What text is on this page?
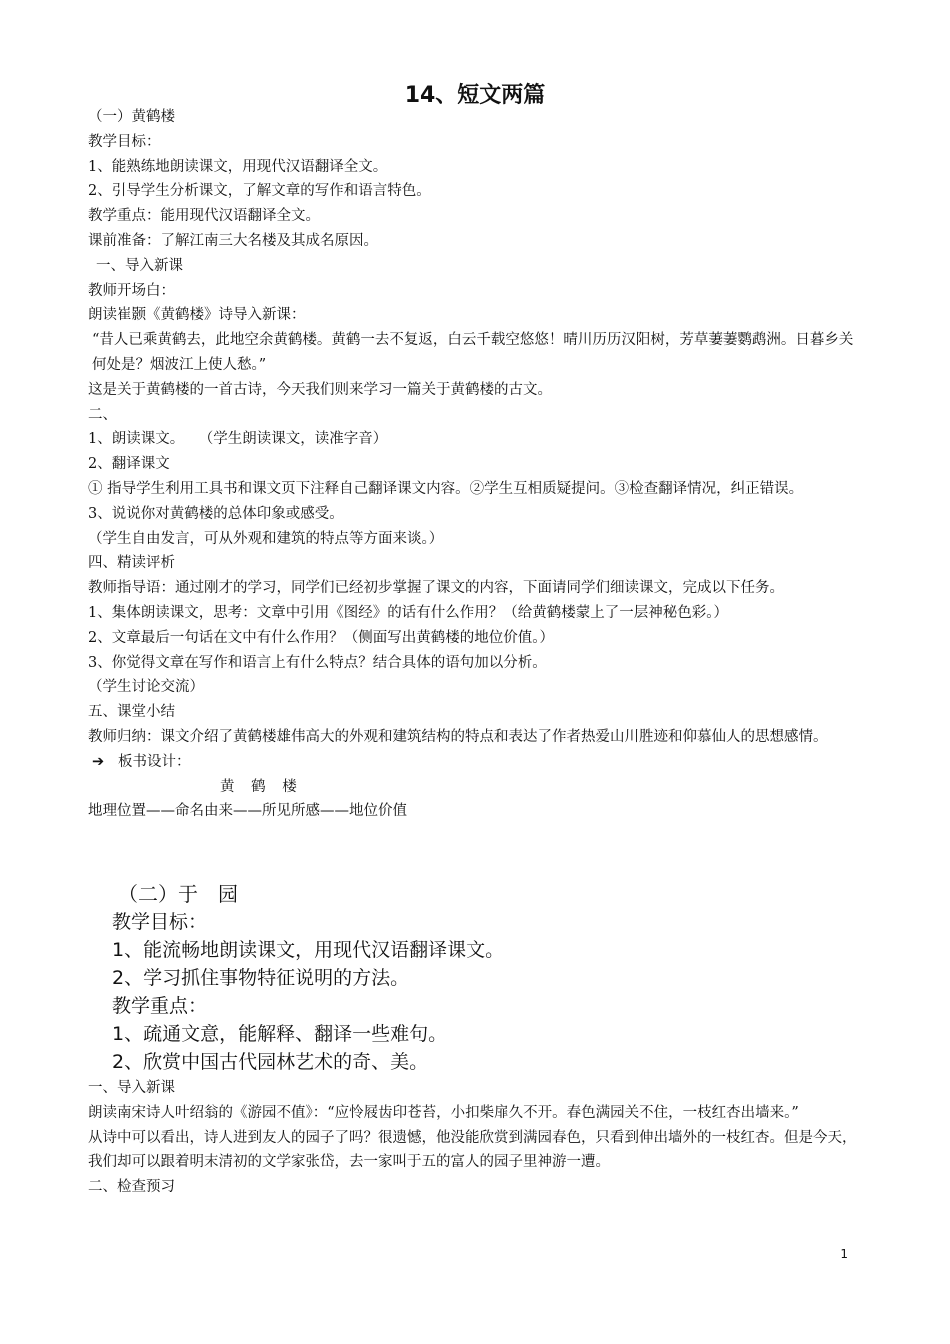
14、短文两篇
（一）黄鹤楼
教学目标：
1、能熟练地朗读课文，用现代汉语翻译全文。
2、引导学生分析课文，了解文章的写作和语言特色。
教学重点：能用现代汉语翻译全文。
课前准备：了解江南三大名楼及其成名原因。
一、导入新课
教师开场白：
朗读崔颢《黄鹤楼》诗导入新课：
“昔人已乘黄鹤去，此地空余黄鹤楼。黄鹤一去不复返，白云千载空悠悠！晴川历历汉阳树，芳草萋萋鹦鹉洲。日暮乡关何处是？烟波江上使人愁。”
这是关于黄鹤楼的一首古诗，今天我们则来学习一篇关于黄鹤楼的古文。
二、
1、朗读课文。　　（学生朗读课文，读准字音）
2、翻译课文
① 指导学生利用工具书和课文页下注释自己翻译课文内容。②学生互相质疑提问。③检查翻译情况，纠正错误。
3、说说你对黄鹤楼的总体印象或感受。
（学生自由发言，可从外观和建筑的特点等方面来谈。）
四、精读评析
教师指导语：通过刚才的学习，同学们已经初步掌握了课文的内容，下面请同学们细读课文，完成以下任务。
1、集体朗读课文，思考：文章中引用《图经》的话有什么作用？（给黄鹤楼蒙上了一层神秘色彩。）
2、文章最后一句话在文中有什么作用？（侧面写出黄鹤楼的地位价值。）
3、你觉得文章在写作和语言上有什么特点？结合具体的语句加以分析。
（学生讨论交流）
五、课堂小结
教师归纳：课文介绍了黄鹤楼雄伟高大的外观和建筑结构的特点和表达了作者热爱山川胜迹和仰慕仙人的思想感情。
➔ 板书设计：
黄 鹤 楼
地理位置——命名由来——所见所感——地位价值
（二）于　园
教学目标：
1、能流畅地朗读课文，用现代汉语翻译课文。
2、学习抓住事物特征说明的方法。
教学重点：
1、疏通文意，能解释、翻译一些难句。
2、欣赏中国古代园林艺术的奇、美。
一、导入新课
朗读南宋诗人叶绍翁的《游园不值》：“应怜屐齿印苍苔，小扣柴扉久不开。春色满园关不住，一枝红杏出墙来。”
从诗中可以看出，诗人进到友人的园子了吗？很遗憾，他没能欣赏到满园春色，只看到伸出墙外的一枝红杏。但是今天，我们却可以跟着明末清初的文学家张岱，去一家叫于五的富人的园子里神游一遭。
二、检查预习
1
